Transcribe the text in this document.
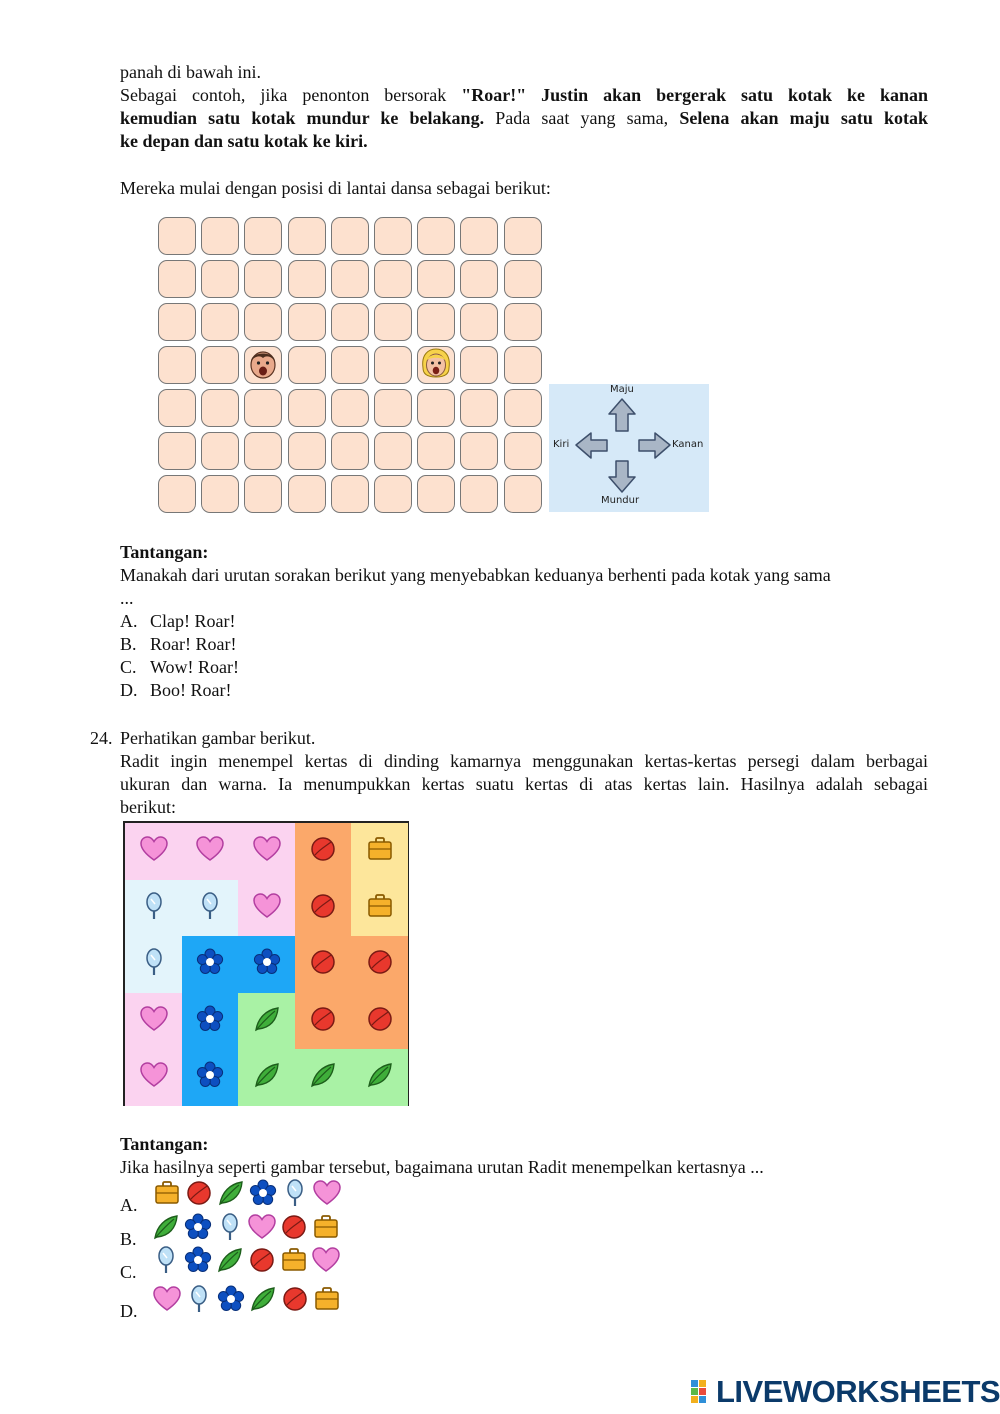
panah di bawah ini.
Sebagai contoh, jika penonton bersorak "Roar!" Justin akan bergerak satu kotak ke kanan
kemudian satu kotak mundur ke belakang. Pada saat yang sama, Selena akan maju satu kotak
ke depan dan satu kotak ke kiri.
Mereka mulai dengan posisi di lantai dansa sebagai berikut:
Maju
Kiri	Kanan
Mundur
Tantangan:
Manakah dari urutan sorakan berikut yang menyebabkan keduanya berhenti pada kotak yang sama
...
A. Clap! Roar!
B. Roar! Roar!
C. Wow! Roar!
D. Boo! Roar!
24. Perhatikan gambar berikut.
Radit ingin menempel kertas di dinding kamarnya menggunakan kertas-kertas persegi dalam berbagai
ukuran dan warna. Ia menumpukkan kertas suatu kertas di atas kertas lain. Hasilnya adalah sebagai
berikut:
Tantangan:
Jika hasilnya seperti gambar tersebut, bagaimana urutan Radit menempelkan kertasnya ...
A.
B.
C.
D.
LIVEWORKSHEETS
